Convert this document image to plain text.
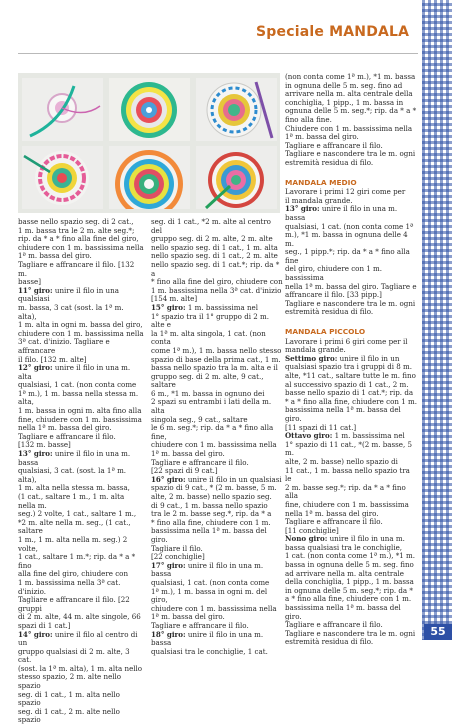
Speciale MANDALA

basse nello spazio seg. di 2 cat.,

1 m. bassa tra le 2 m. alte seg.*;

rip. da * a * fino alla fine del giro,

chiudere con 1 m. bassissima nella

1ª m. bassa del giro.

Tagliare e affrancare il filo. [132 m.

basse]

11° giro: unire il filo in una qualsiasi

m. bassa, 3 cat (sost. la 1ª m. alta),

1 m. alta in ogni m. bassa del giro,

chiudere con 1 m. bassissima nella

3ª cat. d'inizio. Tagliare e affrancare

il filo. [132 m. alte]

12° giro: unire il filo in una m. alta

qualsiasi, 1 cat. (non conta come

1ª m.), 1 m. bassa nella stessa m. alta,

1 m. bassa in ogni m. alta fino alla

fine, chiudere con 1 m. bassissima

nella 1ª m. bassa del giro.

Tagliare e affrancare il filo.

[132 m. basse]

13° giro: unire il filo in una m. bassa

qualsiasi, 3 cat. (sost. la 1ª m. alta),

1 m. alta nella stessa m. bassa,

(1 cat., saltare 1 m., 1 m. alta nella m.

seg.) 2 volte, 1 cat., saltare 1 m.,

*2 m. alte nella m. seg., (1 cat., saltare

1 m., 1 m. alta nella m. seg.) 2 volte,

1 cat., saltare 1 m.*; rip. da * a * fino

alla fine del giro, chiudere con

1 m. bassissima nella 3ª cat. d'inizio.

Tagliare e affrancare il filo. [22 gruppi

di 2 m. alte, 44 m. alte singole, 66

spazi di 1 cat.]

14° giro: unire il filo al centro di un

gruppo qualsiasi di 2 m. alte, 3 cat.

(sost. la 1ª m. alta), 1 m. alta nello

stesso spazio, 2 m. alte nello spazio

seg. di 1 cat., 1 m. alta nello spazio

seg. di 1 cat., 2 m. alte nello spazio

seg. di 1 cat., *2 m. alte al centro del

gruppo seg. di 2 m. alte, 2 m. alte

nello spazio seg. di 1 cat., 1 m. alta

nello spazio seg. di 1 cat., 2 m. alte

nello spazio seg. di 1 cat.*; rip. da * a

* fino alla fine del giro, chiudere con

1 m. bassissima nella 3ª cat. d'inizio

[154 m. alte]

15° giro: 1 m. bassissima nel

1° spazio tra il 1° gruppo di 2 m. alte e

la 1ª m. alta singola, 1 cat. (non conta

come 1ª m.), 1 m. bassa nello stesso

spazio di base della prima cat., 1 m.

bassa nello spazio tra la m. alta e il

gruppo seg. di 2 m. alte, 9 cat., saltare

6 m., *1 m. bassa in ognuno dei

2 spazi su entrambi i lati della m. alta

singola seg., 9 cat., saltare

le 6 m. seg.*; rip. da * a * fino alla fine,

chiudere con 1 m. bassissima nella

1ª m. bassa del giro.

Tagliare e affrancare il filo.

[22 spazi di 9 cat.]

16° giro: unire il filo in un qualsiasi

spazio di 9 cat., * (2 m. basse, 5 m.

alte, 2 m. basse) nello spazio seg.

di 9 cat., 1 m. bassa nello spazio

tra le 2 m. basse seg.*, rip. da * a

* fino alla fine, chiudere con 1 m.

bassissima nella 1ª m. bassa del giro.

Tagliare il filo.

[22 conchiglie]

17° giro: unire il filo in una m. bassa

qualsiasi, 1 cat. (non conta come

1ª m.), 1 m. bassa in ogni m. del giro,

chiudere con 1 m. bassissima nella

1ª m. bassa del giro.

Tagliare e affrancare il filo.

18° giro: unire il filo in una m. bassa

qualsiasi tra le conchiglie, 1 cat.

(non conta come 1ª m.), *1 m. bassa

in ognuna delle 5 m. seg. fino ad

arrivare nella m. alta centrale della

conchiglia, 1 pipp., 1 m. bassa in

ognuna delle 5 m. seg.*; rip. da * a *

fino alla fine.

Chiudere con 1 m. bassissima nella

1ª m. bassa del giro.

Tagliare e affrancare il filo.

Tagliare e nascondere tra le m. ogni

estremità residua di filo.

MANDALA MEDIO

Lavorare i primi 12 giri come per

il mandala grande.

13° giro: unire il filo in una m. bassa

qualsiasi, 1 cat. (non conta come 1ª

m.), *1 m. bassa in ognuna delle 4 m.

seg., 1 pipp.*; rip. da * a * fino alla fine

del giro, chiudere con 1 m. bassissima

nella 1ª m. bassa del giro. Tagliare e

affrancare il filo. [33 pipp.]

Tagliare e nascondere tra le m. ogni

estremità residua di filo.

MANDALA PICCOLO

Lavorare i primi 6 giri come per il

mandala grande.

Settimo giro: unire il filo in un

qualsiasi spazio tra i gruppi di 8 m.

alte, *11 cat., saltare tutte le m. fino

al successivo spazio di 1 cat., 2 m.

basse nello spazio di 1 cat.*; rip. da

* a * fino alla fine, chiudere con 1 m.

bassissima nella 1ª m. bassa del giro.

[11 spazi di 11 cat.]

Ottavo giro: 1 m. bassissima nel

1° spazio di 11 cat., *(2 m. basse, 5 m.

alte, 2 m. basse) nello spazio di

11 cat., 1 m. bassa nello spazio tra le

2 m. basse seg.*; rip. da * a * fino alla

fine, chiudere con 1 m. bassissima

nella 1ª m. bassa del giro.

Tagliare e affrancare il filo.

[11 conchiglie]

Nono giro: unire il filo in una m.

bassa qualsiasi tra le conchiglie,

1 cat. (non conta come 1ª m.), *1 m.

bassa in ognuna delle 5 m. seg. fino

ad arrivare nella m. alta centrale

della conchiglia, 1 pipp., 1 m. bassa

in ognuna delle 5 m. seg.*; rip. da *

a * fino alla fine, chiudere con 1 m.

bassissima nella 1ª m. bassa del giro.

Tagliare e affrancare il filo.

Tagliare e nascondere tra le m. ogni

estremità residua di filo.

55
